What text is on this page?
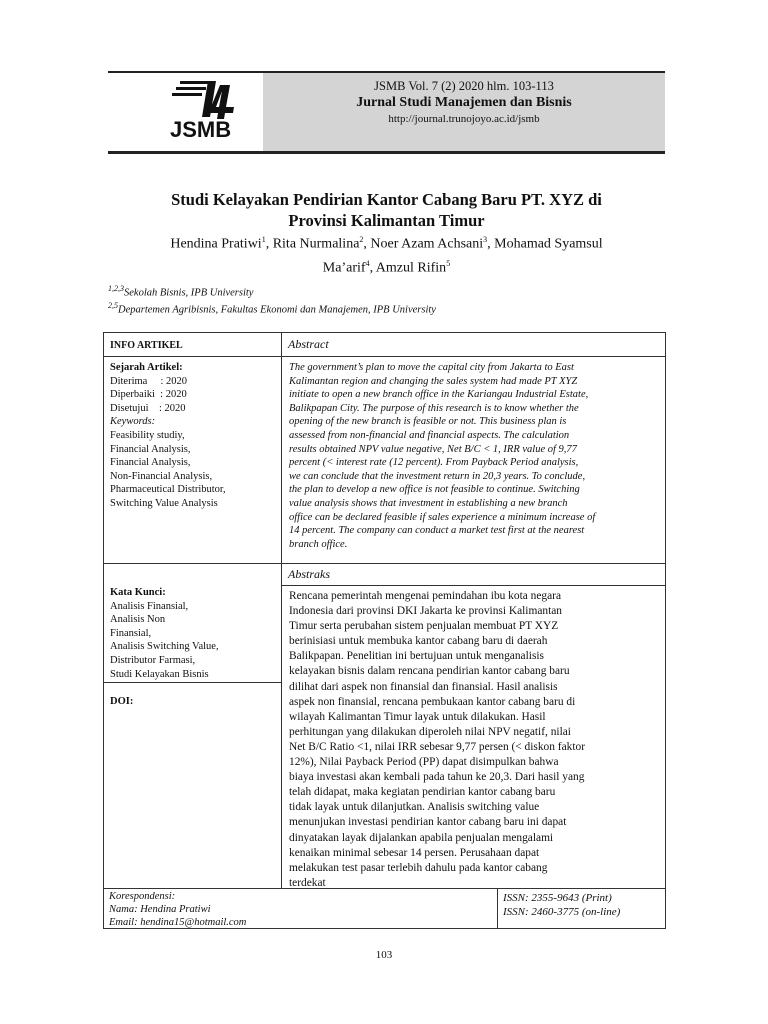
JSMB
JSMB Vol. 7 (2) 2020 hlm. 103-113
Jurnal Studi Manajemen dan Bisnis
http://journal.trunojoyo.ac.id/jsmb
Studi Kelayakan Pendirian Kantor Cabang Baru PT. XYZ di
Provinsi Kalimantan Timur
Hendina Pratiwi$^1$, Rita Nurmalina$^2$, Noer Azam Achsani$^3$, Mohamad Syamsul
Ma’arif$^4$, Amzul Rifin$^5$
$^{1,2,3}$Sekolah Bisnis, IPB University
$^{2,5}$Departemen Agribisnis, Fakultas Ekonomi dan Manajemen, IPB University
INFO ARTIKEL	Abstract
Sejarah Artikel:
Diterima     : 2020
Diperbaiki  : 2020
Disetujui    : 2020
Keywords:
Feasibility studiy,
Financial Analysis,
Financial Analysis,
Non-Financial Analysis,
Pharmaceutical Distributor,
Switching Value Analysis
The government’s plan to move the capital city from Jakarta to East
Kalimantan region and changing the sales system had made PT XYZ
initiate to open a new branch office in the Kariangau Industrial Estate,
Balikpapan City. The purpose of this research is to know whether the
opening of the new branch is feasible or not. This business plan is
assessed from non-financial and financial aspects. The calculation
results obtained NPV value negative, Net B/C < 1, IRR value of 9,77
percent (< interest rate (12 percent). From Payback Period analysis,
we can conclude that the investment return in 20,3 years. To conclude,
the plan to develop a new office is not feasible to continue. Switching
value analysis shows that investment in establishing a new branch
office can be declared feasible if sales experience a minimum increase of
14 percent. The company can conduct a market test first at the nearest
branch office.
Abstraks
Kata Kunci:
Analisis Finansial,
Analisis Non
Finansial,
Analisis Switching Value,
Distributor Farmasi,
Studi Kelayakan Bisnis
DOI:
Rencana pemerintah mengenai pemindahan ibu kota negara
Indonesia dari provinsi DKI Jakarta ke provinsi Kalimantan
Timur serta perubahan sistem penjualan membuat PT XYZ
berinisiasi untuk membuka kantor cabang baru di daerah
Balikpapan. Penelitian ini bertujuan untuk menganalisis
kelayakan bisnis dalam rencana pendirian kantor cabang baru
dilihat dari aspek non finansial dan finansial. Hasil analisis
aspek non finansial, rencana pembukaan kantor cabang baru di
wilayah Kalimantan Timur layak untuk dilakukan. Hasil
perhitungan yang dilakukan diperoleh nilai NPV negatif, nilai
Net B/C Ratio <1, nilai IRR sebesar 9,77 persen (< diskon faktor
12%), Nilai Payback Period (PP) dapat disimpulkan bahwa
biaya investasi akan kembali pada tahun ke 20,3. Dari hasil yang
telah didapat, maka kegiatan pendirian kantor cabang baru
tidak layak untuk dilanjutkan. Analisis switching value
menunjukan investasi pendirian kantor cabang baru ini dapat
dinyatakan layak dijalankan apabila penjualan mengalami
kenaikan minimal sebesar 14 persen. Perusahaan dapat
melakukan test pasar terlebih dahulu pada kantor cabang
terdekat
Korespondensi:
Nama: Hendina Pratiwi
Email: hendina15@hotmail.com
ISSN: 2355-9643 (Print)
ISSN: 2460-3775 (on-line)
103
